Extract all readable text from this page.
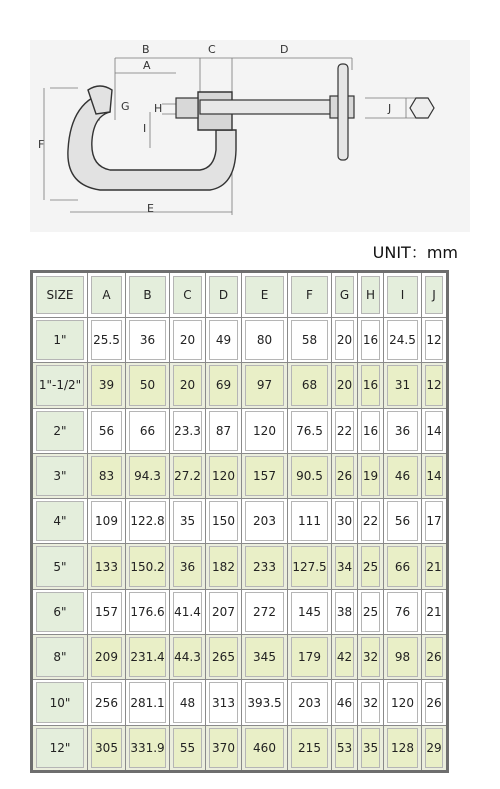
B
A
C	D
E
F
G H
I
J
UNIT：mm
SIZE	A	B	C	D	E	F	G	H	I	J

1"	25.5	36	20	49	80	58	20	16	24.5	12

1"-1/2"	39	50	20	69	97	68	20	16	31	12

2"	56	66	23.3	87	120	76.5	22	16	36	14

3"	83	94.3	27.2	120	157	90.5	26	19	46	14

4"	109	122.8	35	150	203	111	30	22	56	17

5"	133	150.2	36	182	233	127.5	34	25	66	21

6"	157	176.6	41.4	207	272	145	38	25	76	21

8"	209	231.4	44.3	265	345	179	42	32	98	26

10"	256	281.1	48	313	393.5	203	46	32	120	26

12"	305	331.9	55	370	460	215	53	35	128	29
